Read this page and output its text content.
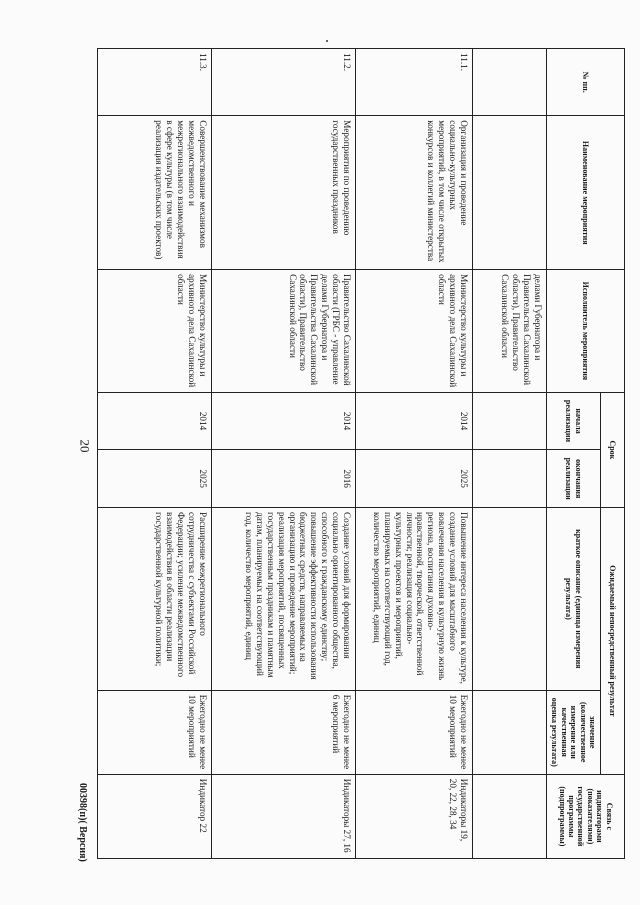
20
00398(п)( Версия)
№ пп.	Наименование мероприятия	Исполнитель мероприятия	Срок		Ожидаемый непосредственный результат		Связь с индикаторами (показателями) государственной программы (подпрограммы)
			начала реализации	окончания реализации	краткое описание (единица измерения результата)	значение (количественное измерение или качественная оценка результата)	
		делами Губернатора и Правительства Сахалинской области), Правительство Сахалинской области					
11.1.	Организация и проведение социально-культурных мероприятий, в том числе открытых конкурсов и коллегий министерства	Министерство культуры и архивного дела Сахалинской области	2014	2025	Повышение интереса населения к культуре, создание условий для масштабного вовлечения населения в культурную жизнь региона, воспитания духовно-нравственной, творческой, ответственной личности; реализация социально-культурных проектов и мероприятий, планируемых на соответствующий год, количество мероприятий, единиц	Ежегодно не менее 10 мероприятий	Индикаторы 19, 20, 22, 28, 34
11.2.	Мероприятия по проведению государственных праздников	Правительство Сахалинской области (ГРБС - управление делами Губернатора и Правительства Сахалинской области), Правительство Сахалинской области	2014	2016	Создание условий для формирования социально ориентированного общества, способного к гражданскому единству; повышение эффективности использования бюджетных средств, направляемых на организацию и проведение мероприятий; реализация мероприятий, посвященных государственным праздникам и памятным датам, планируемых на соответствующий год, количество мероприятий, единиц	Ежегодно не менее 6 мероприятий	Индикаторы 27, 16
11.3.	Совершенствование механизмов межведомственного и межрегионального взаимодействия в сфере культуры (в том числе реализация издательских проектов)	Министерство культуры и архивного дела Сахалинской области	2014	2025	Расширение межрегионального сотрудничества с субъектами Российской Федерации; усиление межведомственного взаимодействия в области реализации государственной культурной политики;	Ежегодно не менее 10 мероприятий	Индикатор 22
